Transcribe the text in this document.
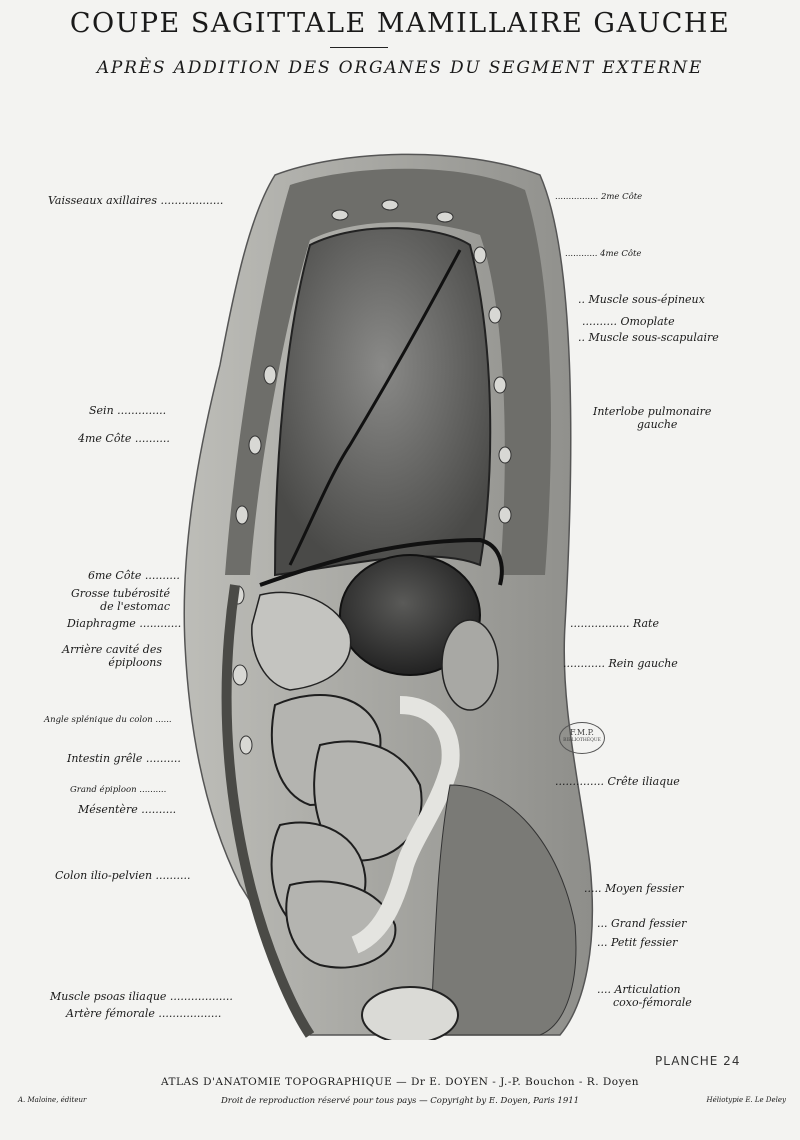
COUPE SAGITTALE MAMILLAIRE GAUCHE
APRÈS ADDITION DES ORGANES DU SEGMENT EXTERNE
Vaisseaux axillaires ..................
Sein ..............
4me Côte ..........
6me Côte ..........
Grosse tubérosité
de l'estomac
Diaphragme ............
Arrière cavité des
épiploons
Angle splénique du colon ......
Intestin grêle ..........
Grand épiploon ..........
Mésentère ..........
Colon ilio-pelvien ..........
Muscle psoas iliaque ..................
Artère fémorale ..................
................ 2me Côte
............ 4me Côte
.. Muscle sous-épineux
.......... Omoplate
.. Muscle sous-scapulaire
Interlobe pulmonaire
gauche
................. Rate
............ Rein gauche
.............. Crête iliaque
..... Moyen fessier
... Grand fessier
... Petit fessier
.... Articulation
coxo-fémorale
F.M.P.
BIBLIOTHÈQUE
PLANCHE 24
ATLAS D'ANATOMIE TOPOGRAPHIQUE — Dr E. DOYEN - J.-P. Bouchon - R. Doyen
Droit de reproduction réservé pour tous pays — Copyright by E. Doyen, Paris 1911
A. Maloine, éditeur	Héliotypie E. Le Deley
